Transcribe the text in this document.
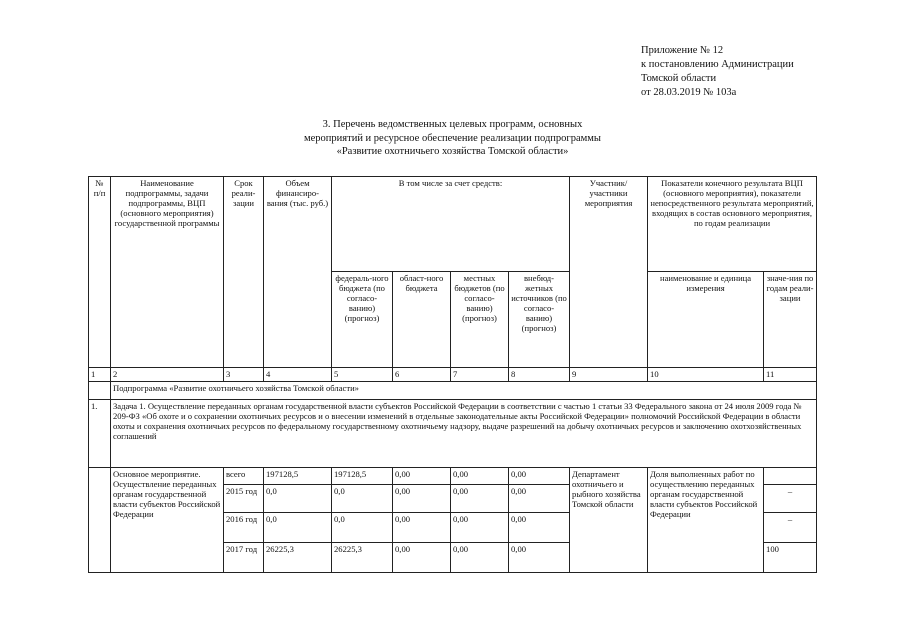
Приложение № 12
к постановлению Администрации
Томской области
от 28.03.2019 № 103а
3. Перечень ведомственных целевых программ, основных
мероприятий и ресурсное обеспечение реализации подпрограммы
«Развитие охотничьего хозяйства Томской области»
№ п/п	Наименование подпрограммы, задачи подпрограммы, ВЦП (основного мероприятия) государственной программы	Срок реали-зации	Объем финансиро-вания (тыс. руб.)	В том числе за счет средств:				Участник/ участники мероприятия	Показатели конечного результата ВЦП (основного мероприятия), показатели непосредственного результата мероприятий, входящих в состав основного мероприятия, по годам реализации	
				федераль-ного бюджета (по согласо-ванию) (прогноз)	област-ного бюджета	местных бюджетов (по согласо-ванию) (прогноз)	внебюд-жетных источников (по согласо-ванию) (прогноз)		наименование и единица измерения	значе-ния по годам реали-зации
1	2	3	4	5	6	7	8	9	10	11
	Подпрограмма «Развитие охотничьего хозяйства Томской области»									
1.	Задача 1. Осуществление переданных органам государственной власти субъектов Российской Федерации в соответствии с частью 1 статьи 33 Федерального закона от 24 июля 2009 года № 209-ФЗ «Об охоте и о сохранении охотничьих ресурсов и о внесении изменений в отдельные законодательные акты Российской Федерации» полномочий Российской Федерации в области охоты и сохранения охотничьих ресурсов по федеральному государственному охотничьему надзору, выдаче разрешений на добычу охотничьих ресурсов и заключению охотхозяйственных соглашений									
	Основное мероприятие. Осуществление переданных органам государственной власти субъектов Российской Федерации	всего	197128,5	197128,5	0,00	0,00	0,00	Департамент охотничьего и рыбного хозяйства Томской области	Доля выполненных работ по осуществлению переданных органам государственной власти субъектов Российской Федерации	
		2015 год	0,0	0,0	0,00	0,00	0,00			–
		2016 год	0,0	0,0	0,00	0,00	0,00			–
		2017 год	26225,3	26225,3	0,00	0,00	0,00			100
